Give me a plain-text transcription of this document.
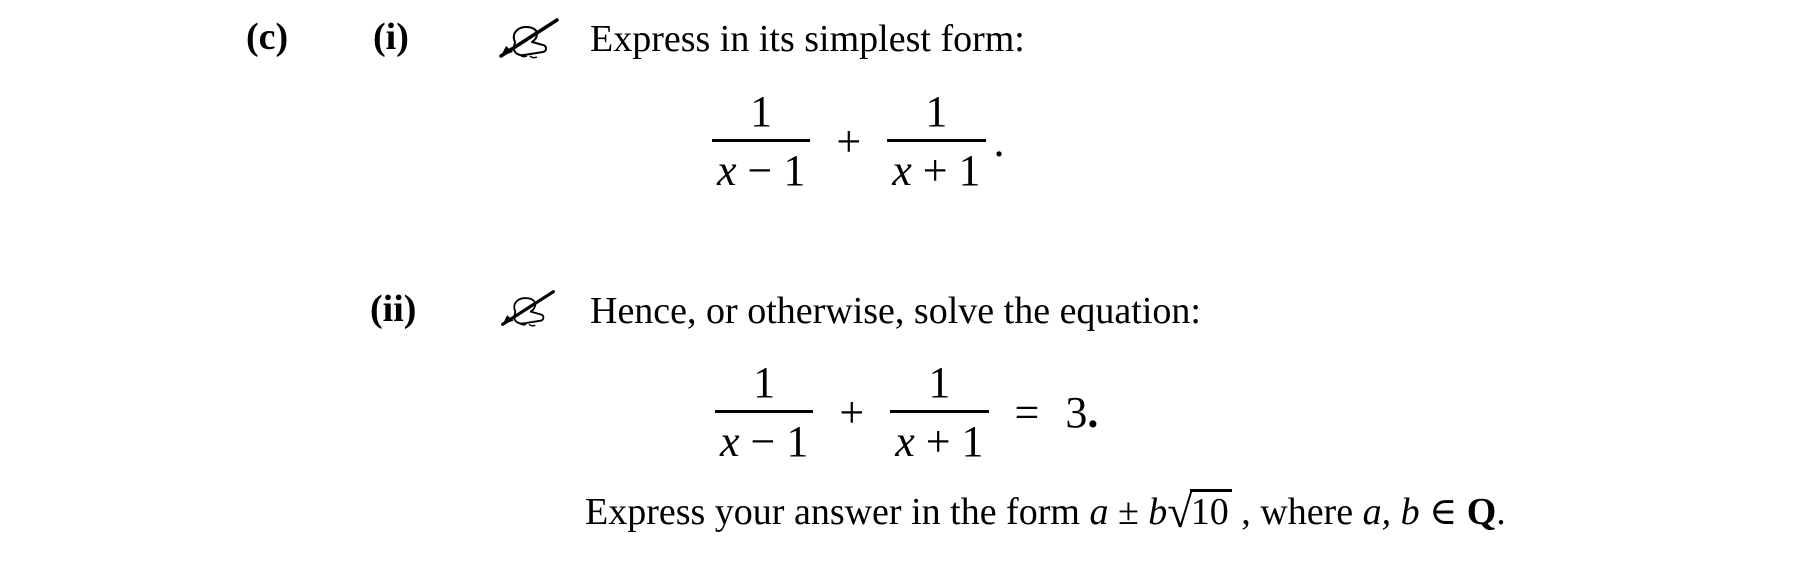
(c) (i)	Express in its simplest form:
$\frac{1}{x - 1} + \frac{1}{x + 1}$ .
(ii)	Hence, or otherwise, solve the equation:
$\frac{1}{x - 1} + \frac{1}{x + 1} = 3$.
Express your answer in the form a ± b√10 , where a, b ∈ Q.
